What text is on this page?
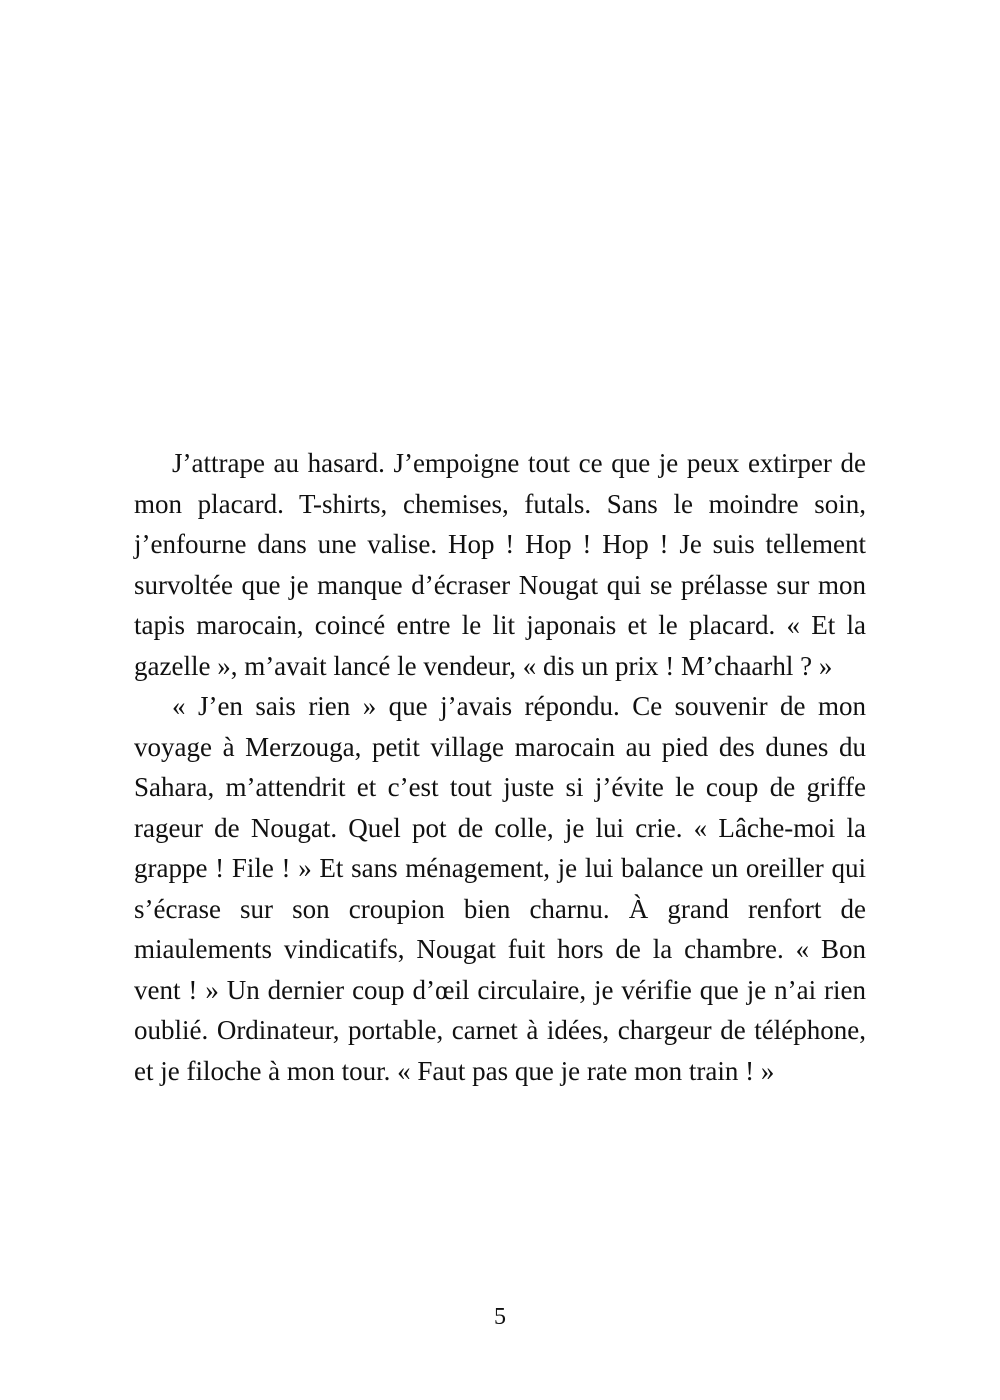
J’attrape au hasard. J’empoigne tout ce que je peux extirper de mon placard. T-shirts, chemises, futals. Sans le moindre soin, j’enfourne dans une valise. Hop ! Hop ! Hop ! Je suis tellement survoltée que je manque d’écraser Nougat qui se prélasse sur mon tapis marocain, coincé entre le lit japonais et le placard. « Et la gazelle », m’avait lancé le vendeur, « dis un prix ! M’chaarhl ? »

« J’en sais rien » que j’avais répondu. Ce souvenir de mon voyage à Merzouga, petit village marocain au pied des dunes du Sahara, m’attendrit et c’est tout juste si j’évite le coup de griffe rageur de Nougat. Quel pot de colle, je lui crie. « Lâche-moi la grappe ! File ! » Et sans ménagement, je lui balance un oreiller qui s’écrase sur son croupion bien charnu. À grand renfort de miaulements vindicatifs, Nougat fuit hors de la chambre. « Bon vent ! » Un dernier coup d’œil circulaire, je vérifie que je n’ai rien oublié. Ordinateur, portable, carnet à idées, chargeur de téléphone, et je filoche à mon tour. « Faut pas que je rate mon train ! »

5
